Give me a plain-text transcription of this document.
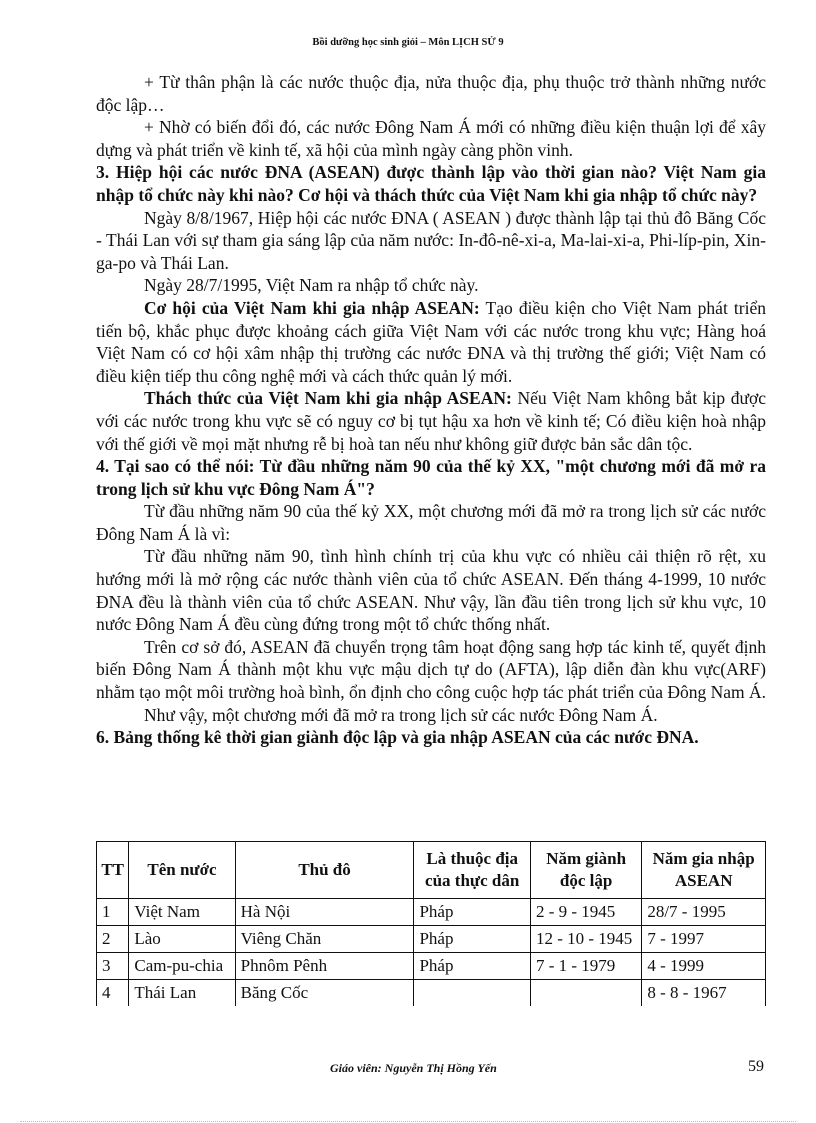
Bồi dưỡng học sinh giỏi – Môn LỊCH SỬ 9

+ Từ thân phận là các nước thuộc địa, nửa thuộc địa, phụ thuộc trở thành những nước độc lập…

+ Nhờ có biến đổi đó, các nước Đông Nam Á mới có những điều kiện thuận lợi để xây dựng và phát triển về kinh tế, xã hội của mình ngày càng phồn vinh.

3. Hiệp hội các nước ĐNA (ASEAN) được thành lập vào thời gian nào? Việt Nam gia nhập tổ chức này khi nào? Cơ hội và thách thức của Việt Nam khi gia nhập tổ chức này?

Ngày 8/8/1967, Hiệp hội các nước ĐNA ( ASEAN ) được thành lập tại thủ đô Băng Cốc - Thái Lan với sự tham gia sáng lập của năm nước: In-đô-nê-xi-a, Ma-lai-xi-a, Phi-líp-pin, Xin-ga-po và Thái Lan.

Ngày 28/7/1995, Việt Nam ra nhập tổ chức này.

Cơ hội của Việt Nam khi gia nhập ASEAN: Tạo điều kiện cho Việt Nam phát triển tiến bộ, khắc phục được khoảng cách giữa Việt Nam với các nước trong khu vực; Hàng hoá Việt Nam có cơ hội xâm nhập thị trường các nước ĐNA và thị trường thế giới; Việt Nam có điều kiện tiếp thu công nghệ mới và cách thức quản lý mới.

Thách thức của Việt Nam khi gia nhập ASEAN: Nếu Việt Nam không bắt kịp được với các nước trong khu vực sẽ có nguy cơ bị tụt hậu xa hơn về kinh tế; Có điều kiện hoà nhập với thế giới về mọi mặt nhưng rễ bị hoà tan nếu như không giữ được bản sắc dân tộc.

4. Tại sao có thể nói: Từ đầu những năm 90 của thế kỷ XX, "một chương mới đã mở ra trong lịch sử khu vực Đông Nam Á"?

Từ đầu những năm 90 của thế kỷ XX, một chương mới đã mở ra trong lịch sử các nước Đông Nam Á là vì:

Từ đầu những năm 90, tình hình chính trị của khu vực có nhiều cải thiện rõ rệt, xu hướng mới là mở rộng các nước thành viên của tổ chức ASEAN. Đến tháng 4-1999, 10 nước ĐNA đều là thành viên của tổ chức ASEAN. Như vậy, lần đầu tiên trong lịch sử khu vực, 10 nước Đông Nam Á đều cùng đứng trong một tổ chức thống nhất.

Trên cơ sở đó, ASEAN đã chuyển trọng tâm hoạt động sang hợp tác kinh tế, quyết định biến Đông Nam Á thành một khu vực mậu dịch tự do (AFTA), lập diễn đàn khu vực(ARF) nhằm tạo một môi trường hoà bình, ổn định cho công cuộc hợp tác phát triển của Đông Nam Á.

Như vậy, một chương mới đã mở ra trong lịch sử các nước Đông Nam Á.

6. Bảng thống kê thời gian giành độc lập và gia nhập ASEAN của các nước ĐNA.

TT	Tên nước	Thủ đô	Là thuộc địa của thực dân	Năm giành độc lập	Năm gia nhập ASEAN
1	Việt Nam	Hà Nội	Pháp	2 - 9 - 1945	28/7 - 1995
2	Lào	Viêng Chăn	Pháp	12 - 10 - 1945	7 - 1997
3	Cam-pu-chia	Phnôm Pênh	Pháp	7 - 1 - 1979	4 - 1999
4	Thái Lan	Băng Cốc			8 - 8 - 1967
Giáo viên: Nguyễn Thị Hồng Yến	59
